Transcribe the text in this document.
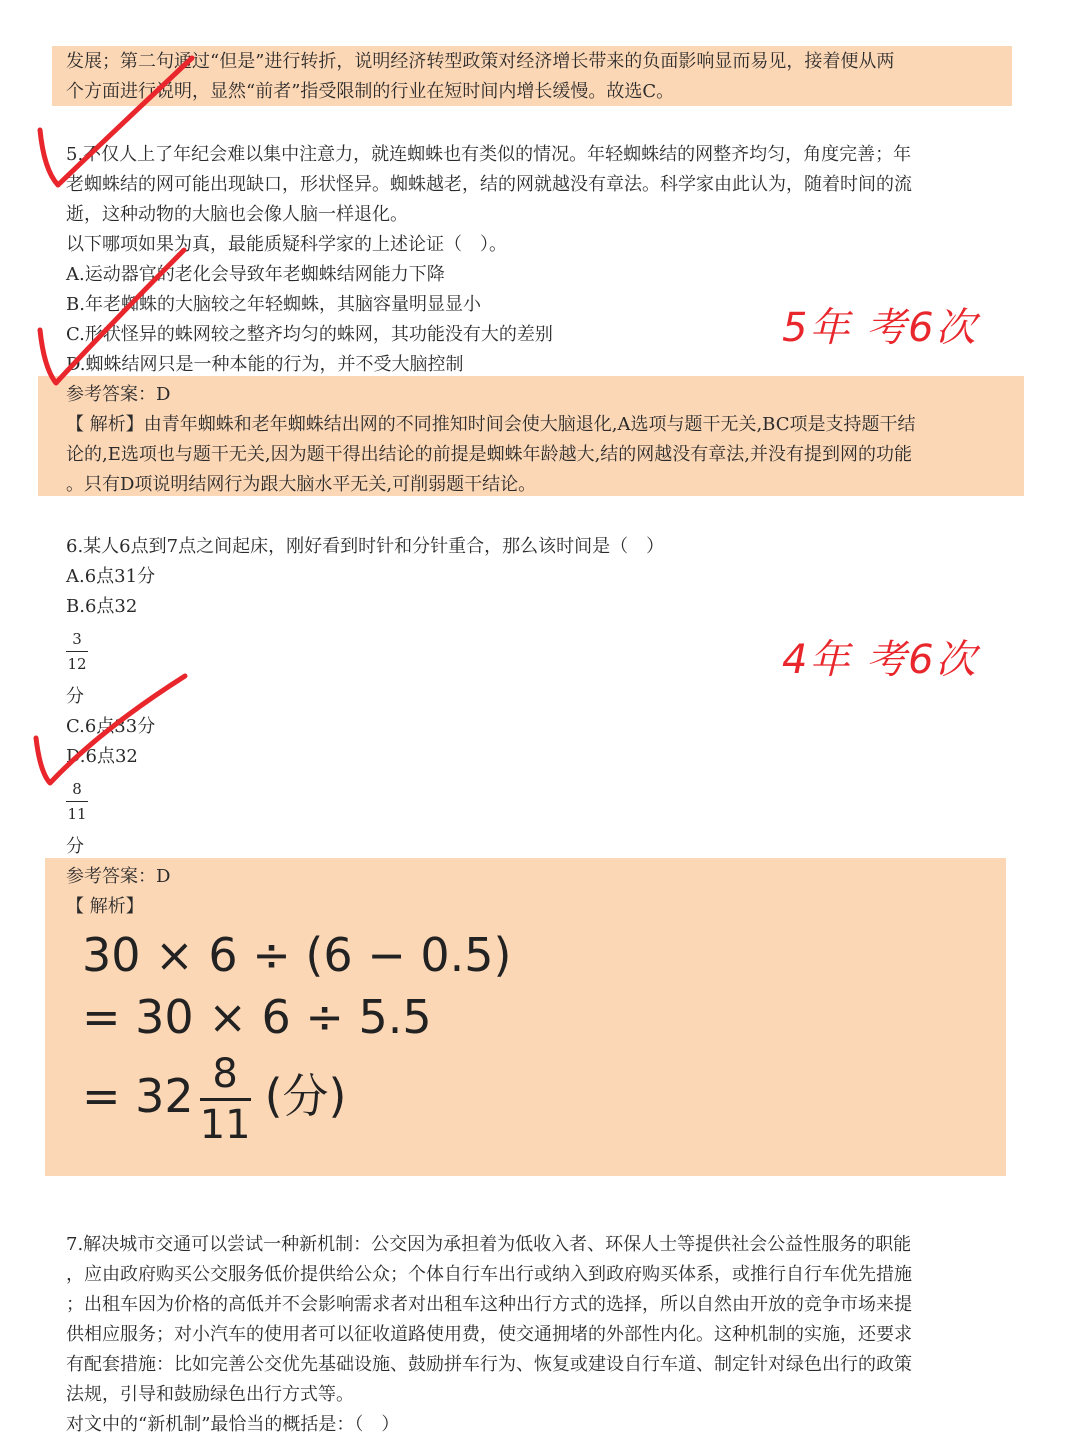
发展；第二句通过“但是”进行转折，说明经济转型政策对经济增长带来的负面影响显而易见，接着便从两
个方面进行说明，显然“前者”指受限制的行业在短时间内增长缓慢。故选C。
5.不仅人上了年纪会难以集中注意力，就连蜘蛛也有类似的情况。年轻蜘蛛结的网整齐均匀，角度完善；年
老蜘蛛结的网可能出现缺口，形状怪异。蜘蛛越老，结的网就越没有章法。科学家由此认为，随着时间的流
逝，这种动物的大脑也会像人脑一样退化。
以下哪项如果为真，最能质疑科学家的上述论证（　）。
A.运动器官的老化会导致年老蜘蛛结网能力下降
B.年老蜘蛛的大脑较之年轻蜘蛛，其脑容量明显显小
C.形状怪异的蛛网较之整齐均匀的蛛网，其功能没有大的差别
D.蜘蛛结网只是一种本能的行为，并不受大脑控制
参考答案：D
【 解析】由青年蜘蛛和老年蜘蛛结出网的不同推知时间会使大脑退化,A选项与题干无关,BC项是支持题干结
论的,E选项也与题干无关,因为题干得出结论的前提是蜘蛛年龄越大,结的网越没有章法,并没有提到网的功能
。只有D项说明结网行为跟大脑水平无关,可削弱题干结论。
5年 考6次
6.某人6点到7点之间起床，刚好看到时针和分针重合，那么该时间是（　）
A.6点31分
B.6点32
3
12
分
C.6点33分
D.6点32
8
11
分
参考答案：D
【 解析】
4年 考6次
30 × 6 ÷ (6 − 0.5)
= 30 × 6 ÷ 5.5
= $32 \frac{8}{11}$ (分)
7.解决城市交通可以尝试一种新机制：公交因为承担着为低收入者、环保人士等提供社会公益性服务的职能
，应由政府购买公交服务低价提供给公众；个体自行车出行或纳入到政府购买体系，或推行自行车优先措施
；出租车因为价格的高低并不会影响需求者对出租车这种出行方式的选择，所以自然由开放的竞争市场来提
供相应服务；对小汽车的使用者可以征收道路使用费，使交通拥堵的外部性内化。这种机制的实施，还要求
有配套措施：比如完善公交优先基础设施、鼓励拼车行为、恢复或建设自行车道、制定针对绿色出行的政策
法规，引导和鼓励绿色出行方式等。
对文中的“新机制”最恰当的概括是：（　）
